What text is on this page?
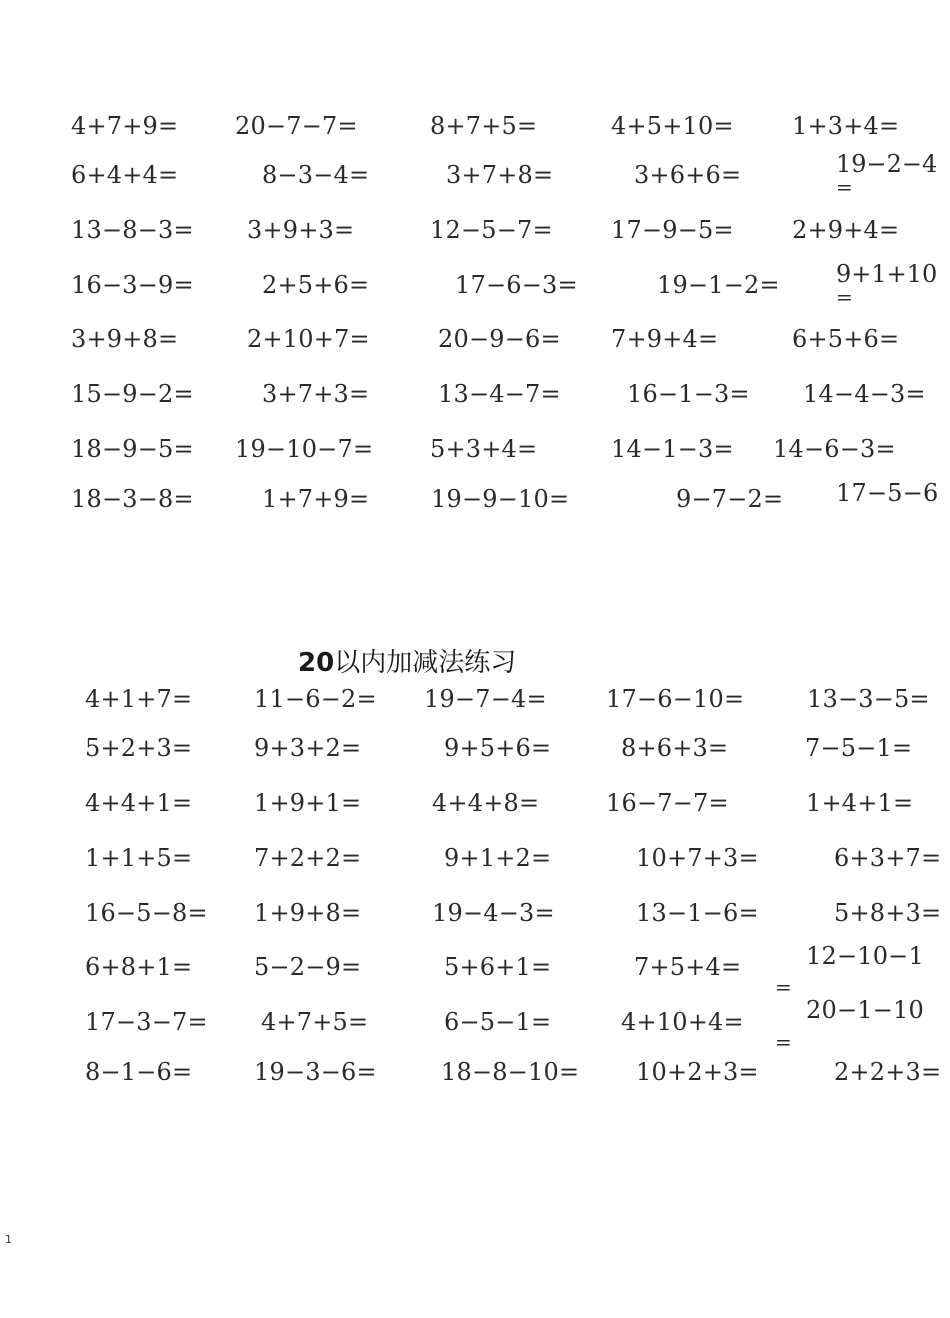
4+7+9= 20−7−7=	8+7+5=	4+5+10= 1+3+4=
6+4+4=	8−3−4=	3+7+8=	3+6+6=	19−2−4
=
13−8−3= 3+9+3=	12−5−7= 17−9−5= 2+9+4=
16−3−9=	2+5+6=	17−6−3=	19−1−2= 9+1+10
=
3+9+8=	2+10+7=	20−9−6= 7+9+4=	6+5+6=
15−9−2=	3+7+3=	13−4−7=	16−1−3= 14−4−3=
18−9−5= 19−10−7= 5+3+4=	14−1−3= 14−6−3=
18−3−8=	1+7+9=	19−9−10=	9−7−2= 17−5−6
20以内加减法练习
4+1+7=	11−6−2= 19−7−4= 17−6−10=	13−3−5=
5+2+3=	9+3+2=	9+5+6=	8+6+3=	7−5−1=
4+4+1=	1+9+1=	4+4+8=	16−7−7=	1+4+1=
1+1+5=	7+2+2=	9+1+2=	10+7+3=	6+3+7=
16−5−8= 1+9+8=	19−4−3=	13−1−6=	5+8+3=
6+8+1=	5−2−9=	5+6+1=	7+5+4=	12−10−1
=
17−3−7= 4+7+5=	6−5−1=	4+10+4=	20−1−10
=
8−1−6=	19−3−6=	18−8−10= 10+2+3=	2+2+3=
1
